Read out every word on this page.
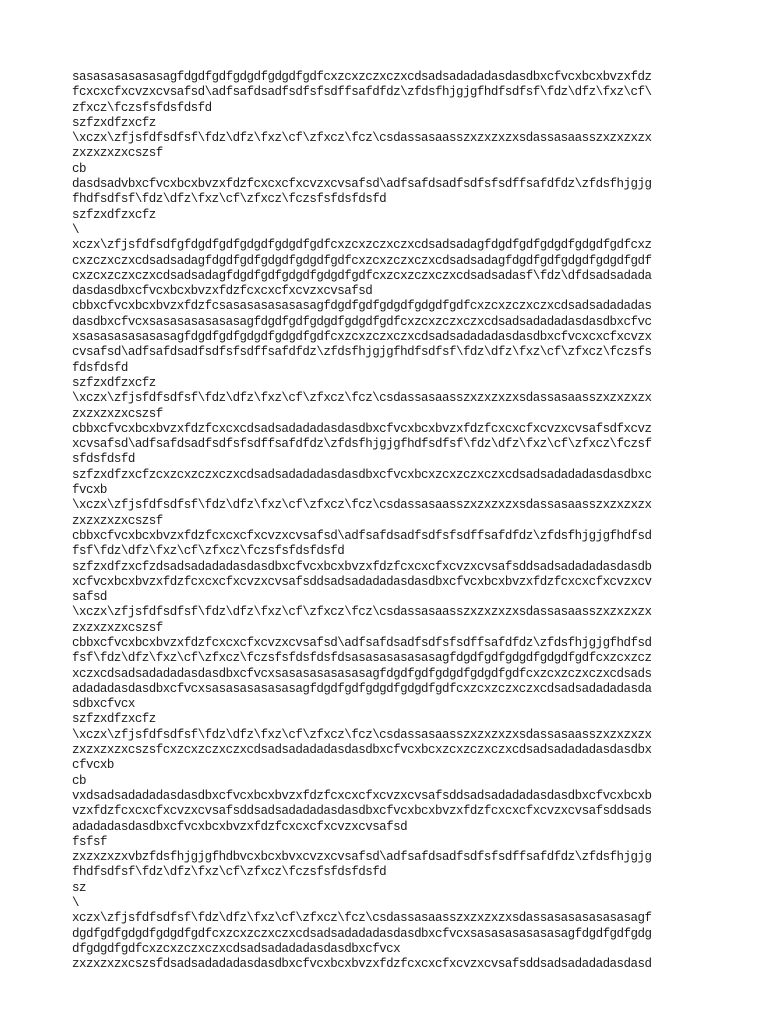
sasasasasasasagfdgdfgdfgdgdfgdgdfgdfcxzcxzczxczxcdsadsadadadasdasdbxcfvcxbcxbvzxfdz
fcxcxcfxcvzxcvsafsd\adfsafdsadfsdfsfsdffsafdfdz\zfdsfhjgjgfhdfsdfsf\fdz\dfz\fxz\cf\
zfxcz\fczsfsfdsfdsfd
szfzxdfzxcfz
\xczx\zfjsfdfsdfsf\fdz\dfz\fxz\cf\zfxcz\fcz\csdassasaasszxzxzxzxsdassasaasszxzxzxzx
zxzxzxzxcszsf
cb
dasdsadvbxcfvcxbcxbvzxfdzfcxcxcfxcvzxcvsafsd\adfsafdsadfsdfsfsdffsafdfdz\zfdsfhjgjg
fhdfsdfsf\fdz\dfz\fxz\cf\zfxcz\fczsfsfdsfdsfd
szfzxdfzxcfz
\
xczx\zfjsfdfsdfgfdgdfgdfgdgdfgdgdfgdfcxzcxzczxczxcdsadsadagfdgdfgdfgdgdfgdgdfgdfcxz
cxzczxczxcdsadsadagfdgdfgdfgdgdfgdgdfgdfcxzcxzczxczxcdsadsadagfdgdfgdfgdgdfgdgdfgdf
cxzcxzczxczxcdsadsadagfdgdfgdfgdgdfgdgdfgdfcxzcxzczxczxcdsadsadasf\fdz\dfdsadsadada
dasdasdbxcfvcxbcxbvzxfdzfcxcxcfxcvzxcvsafsd
cbbxcfvcxbcxbvzxfdzfcsasasasasasasagfdgdfgdfgdgdfgdgdfgdfcxzcxzczxczxcdsadsadadadas
dasdbxcfvcxsasasasasasasagfdgdfgdfgdgdfgdgdfgdfcxzcxzczxczxcdsadsadadadasdasdbxcfvc
xsasasasasasasagfdgdfgdfgdgdfgdgdfgdfcxzcxzczxczxcdsadsadadadasdasdbxcfvcxcxcfxcvzx
cvsafsd\adfsafdsadfsdfsfsdffsafdfdz\zfdsfhjgjgfhdfsdfsf\fdz\dfz\fxz\cf\zfxcz\fczsfs
fdsfdsfd
szfzxdfzxcfz
\xczx\zfjsfdfsdfsf\fdz\dfz\fxz\cf\zfxcz\fcz\csdassasaasszxzxzxzxsdassasaasszxzxzxzx
zxzxzxzxcszsf
cbbxcfvcxbcxbvzxfdzfcxcxcdsadsadadadasdasdbxcfvcxbcxbvzxfdzfcxcxcfxcvzxcvsafsdfxcvz
xcvsafsd\adfsafdsadfsdfsfsdffsafdfdz\zfdsfhjgjgfhdfsdfsf\fdz\dfz\fxz\cf\zfxcz\fczsf
sfdsfdsfd
szfzxdfzxcfzcxzcxzczxczxcdsadsadadadasdasdbxcfvcxbcxzcxzczxczxcdsadsadadadasdasdbxc
fvcxb
\xczx\zfjsfdfsdfsf\fdz\dfz\fxz\cf\zfxcz\fcz\csdassasaasszxzxzxzxsdassasaasszxzxzxzx
zxzxzxzxcszsf
cbbxcfvcxbcxbvzxfdzfcxcxcfxcvzxcvsafsd\adfsafdsadfsdfsfsdffsafdfdz\zfdsfhjgjgfhdfsd
fsf\fdz\dfz\fxz\cf\zfxcz\fczsfsfdsfdsfd
szfzxdfzxcfzdsadsadadadasdasdbxcfvcxbcxbvzxfdzfcxcxcfxcvzxcvsafsddsadsadadadasdasdb
xcfvcxbcxbvzxfdzfcxcxcfxcvzxcvsafsddsadsadadadasdasdbxcfvcxbcxbvzxfdzfcxcxcfxcvzxcv
safsd
\xczx\zfjsfdfsdfsf\fdz\dfz\fxz\cf\zfxcz\fcz\csdassasaasszxzxzxzxsdassasaasszxzxzxzx
zxzxzxzxcszsf
cbbxcfvcxbcxbvzxfdzfcxcxcfxcvzxcvsafsd\adfsafdsadfsdfsfsdffsafdfdz\zfdsfhjgjgfhdfsd
fsf\fdz\dfz\fxz\cf\zfxcz\fczsfsfdsfdsfdsasasasasasasagfdgdfgdfgdgdfgdgdfgdfcxzcxzcz
xczxcdsadsadadadasdasdbxcfvcxsasasasasasasagfdgdfgdfgdgdfgdgdfgdfcxzcxzczxczxcdsads
adadadasdasdbxcfvcxsasasasasasasagfdgdfgdfgdgdfgdgdfgdfcxzcxzczxczxcdsadsadadadasda
sdbxcfvcx
szfzxdfzxcfz
\xczx\zfjsfdfsdfsf\fdz\dfz\fxz\cf\zfxcz\fcz\csdassasaasszxzxzxzxsdassasaasszxzxzxzx
zxzxzxzxcszsfcxzcxzczxczxcdsadsadadadasdasdbxcfvcxbcxzcxzczxczxcdsadsadadadasdasdbx
cfvcxb
cb
vxdsadsadadadasdasdbxcfvcxbcxbvzxfdzfcxcxcfxcvzxcvsafsddsadsadadadasdasdbxcfvcxbcxb
vzxfdzfcxcxcfxcvzxcvsafsddsadsadadadasdasdbxcfvcxbcxbvzxfdzfcxcxcfxcvzxcvsafsddsads
adadadasdasdbxcfvcxbcxbvzxfdzfcxcxcfxcvzxcvsafsd
fsfsf
zxzxzxzxvbzfdsfhjgjgfhdbvcxbcxbvxcvzxcvsafsd\adfsafdsadfsdfsfsdffsafdfdz\zfdsfhjgjg
fhdfsdfsf\fdz\dfz\fxz\cf\zfxcz\fczsfsfdsfdsfd
sz
\
xczx\zfjsfdfsdfsf\fdz\dfz\fxz\cf\zfxcz\fcz\csdassasaasszxzxzxzxsdassasasasasasasagf
dgdfgdfgdgdfgdgdfgdfcxzcxzczxczxcdsadsadadadasdasdbxcfvcxsasasasasasasagfdgdfgdfgdg
dfgdgdfgdfcxzcxzczxczxcdsadsadadadasdasdbxcfvcx
zxzxzxzxcszsfdsadsadadadasdasdbxcfvcxbcxbvzxfdzfcxcxcfxcvzxcvsafsddsadsadadadasdasd
